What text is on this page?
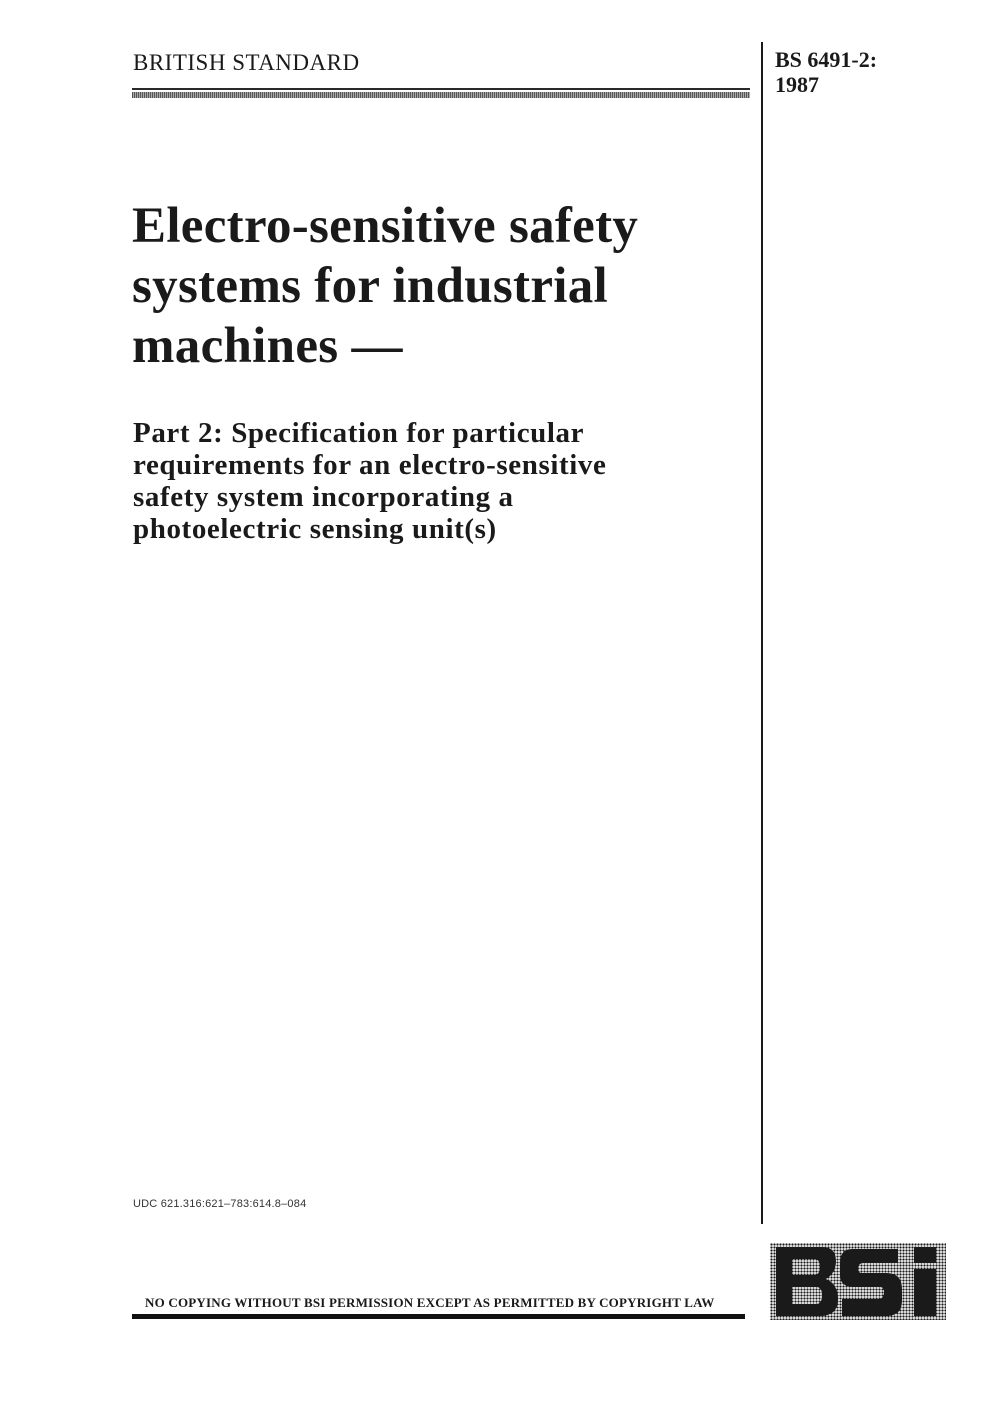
BRITISH STANDARD	BS 6491-2:
1987
Electro-sensitive safety
systems for industrial
machines —
Part 2: Specification for particular
requirements for an electro-sensitive
safety system incorporating a
photoelectric sensing unit(s)
UDC 621.316:621–783:614.8–084
NO COPYING WITHOUT BSI PERMISSION EXCEPT AS PERMITTED BY COPYRIGHT LAW
